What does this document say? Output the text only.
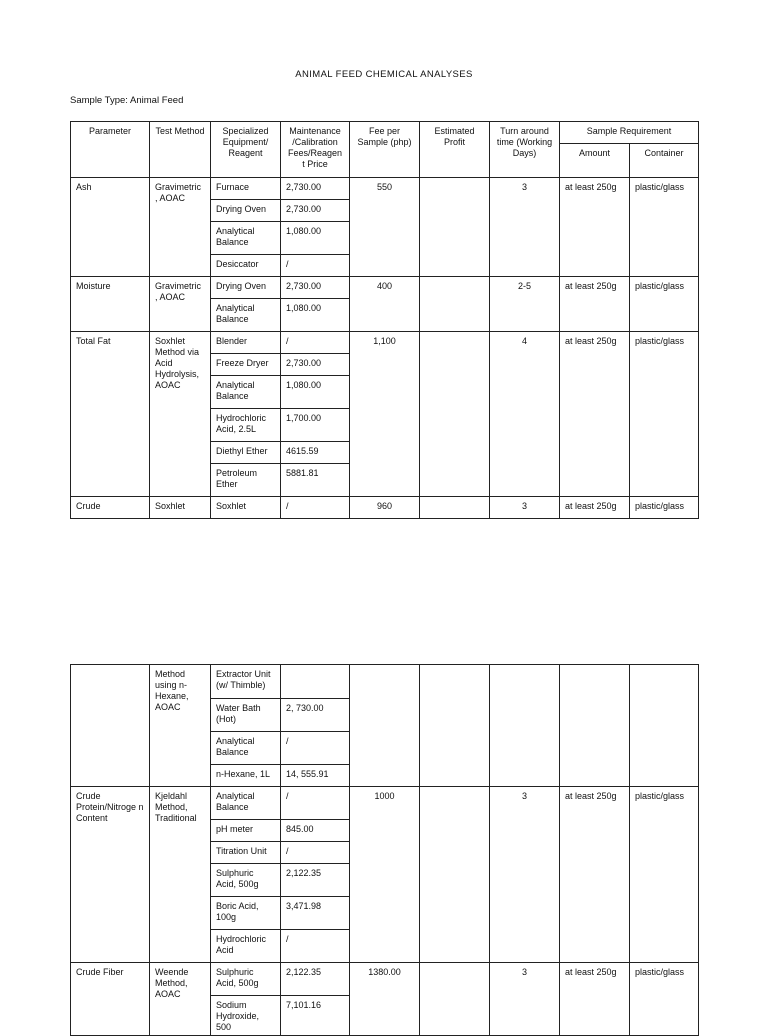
ANIMAL FEED CHEMICAL ANALYSES
Sample Type: Animal Feed
Parameter	Test Method	Specialized Equipment/ Reagent	Maintenance /Calibration Fees/Reagen t Price	Fee per Sample (php)	Estimated Profit	Turn around time (Working Days)	Sample Requirement	
							Amount	Container
Ash	Gravimetric , AOAC	Furnace	2,730.00	550		3	at least 250g	plastic/glass
		Drying Oven	2,730.00					
		Analytical Balance	1,080.00					
		Desiccator	/					
Moisture	Gravimetric , AOAC	Drying Oven	2,730.00	400		2-5	at least 250g	plastic/glass
		Analytical Balance	1,080.00					
Total Fat	Soxhlet Method via Acid Hydrolysis, AOAC	Blender	/	1,100		4	at least 250g	plastic/glass
		Freeze Dryer	2,730.00					
		Analytical Balance	1,080.00					
		Hydrochloric Acid, 2.5L	1,700.00					
		Diethyl Ether	4615.59					
		Petroleum Ether	5881.81					
Crude	Soxhlet	Soxhlet	/	960		3	at least 250g	plastic/glass
	Method using n-Hexane, AOAC	Extractor Unit (w/ Thimble)						
		Water Bath (Hot)	2, 730.00					
		Analytical Balance	/					
		n-Hexane, 1L	14, 555.91					
Crude Protein/Nitroge n Content	Kjeldahl Method, Traditional	Analytical Balance	/	1000		3	at least 250g	plastic/glass
		pH meter	845.00					
		Titration Unit	/					
		Sulphuric Acid, 500g	2,122.35					
		Boric Acid, 100g	3,471.98					
		Hydrochloric Acid	/					
Crude Fiber	Weende Method, AOAC	Sulphuric Acid, 500g	2,122.35	1380.00		3	at least 250g	plastic/glass
		Sodium Hydroxide, 500	7,101.16					
